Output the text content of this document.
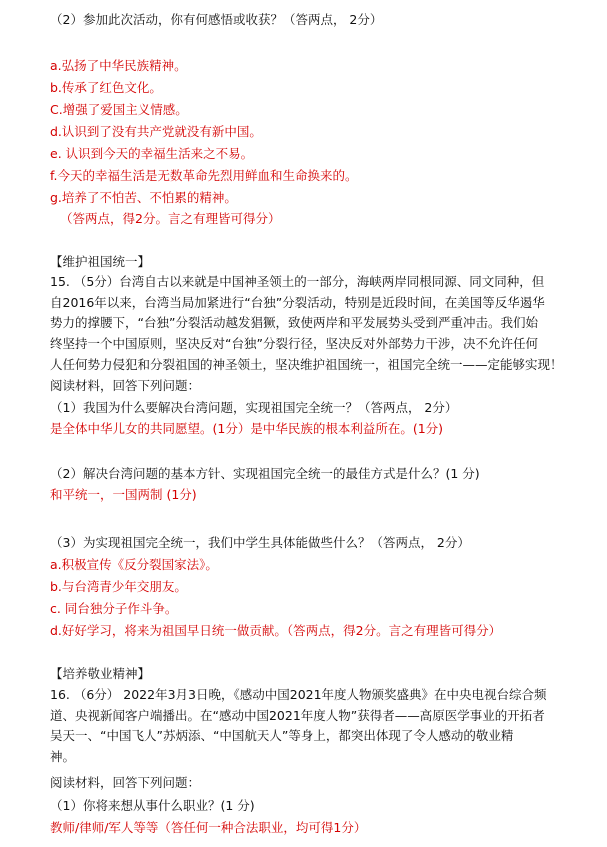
（2）参加此次活动，你有何感悟或收获？（答两点， 2分）
a.弘扬了中华民族精神。
b.传承了红色文化。
C.增强了爱国主义情感。
d.认识到了没有共产党就没有新中国。
e. 认识到今天的幸福生活来之不易。
f.今天的幸福生活是无数革命先烈用鲜血和生命换来的。
g.培养了不怕苦、不怕累的精神。
（答两点，得2分。言之有理皆可得分）
【维护祖国统一】
15. （5分）台湾自古以来就是中国神圣领土的一部分，海峡两岸同根同源、同文同种，但
自2016年以来，台湾当局加紧进行“台独”分裂活动，特别是近段时间，在美国等反华遏华
势力的撑腰下，“台独”分裂活动越发猖獗，致使两岸和平发展势头受到严重冲击。我们始
终坚持一个中国原则，坚决反对“台独”分裂行径，坚决反对外部势力干涉，决不允许任何
人任何势力侵犯和分裂祖国的神圣领土，坚决维护祖国统一，祖国完全统一——定能够实现！
阅读材料，回答下列问题：
（1）我国为什么要解决台湾问题，实现祖国完全统一？（答两点， 2分）
是全体中华儿女的共同愿望。(1分）是中华民族的根本利益所在。(1分)
（2）解决台湾问题的基本方针、实现祖国完全统一的最佳方式是什么？(1 分)
和平统一，一国两制 (1分)
（3）为实现祖国完全统一，我们中学生具体能做些什么？（答两点， 2分）
a.积极宣传《反分裂国家法》。
b.与台湾青少年交朋友。
c. 同台独分子作斗争。
d.好好学习，将来为祖国早日统一做贡献。（答两点，得2分。言之有理皆可得分）
【培养敬业精神】
16. （6分） 2022年3月3日晚，《感动中国2021年度人物颁奖盛典》在中央电视台综合频
道、央视新闻客户端播出。在“感动中国2021年度人物”获得者——高原医学事业的开拓者
吴天一、“中国飞人”苏炳添、“中国航天人”等身上，都突出体现了令人感动的敬业精
神。
阅读材料，回答下列问题：
（1）你将来想从事什么职业？(1 分)
教师/律师/军人等等（答任何一种合法职业，均可得1分）
